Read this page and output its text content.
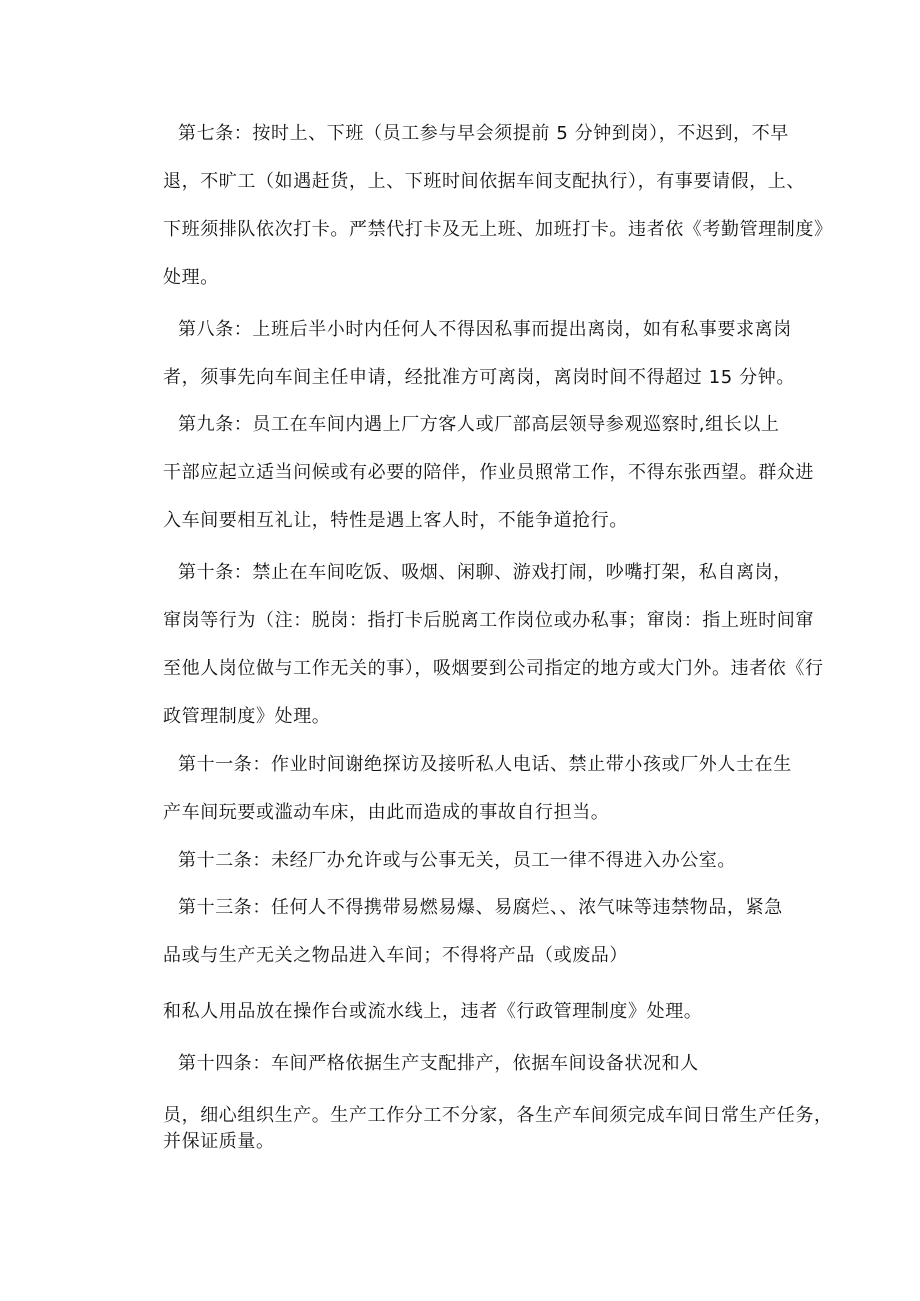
第七条：按时上、下班（员工参与早会须提前 5 分钟到岗），不迟到，不早
退，不旷工（如遇赶货，上、下班时间依据车间支配执行），有事要请假，上、
下班须排队依次打卡。严禁代打卡及无上班、加班打卡。违者依《考勤管理制度》
处理。
第八条：上班后半小时内任何人不得因私事而提出离岗，如有私事要求离岗
者，须事先向车间主任申请，经批准方可离岗，离岗时间不得超过 15 分钟。
第九条：员工在车间内遇上厂方客人或厂部高层领导参观巡察时,组长以上
干部应起立适当问候或有必要的陪伴，作业员照常工作，不得东张西望。群众进
入车间要相互礼让，特性是遇上客人时，不能争道抢行。
第十条：禁止在车间吃饭、吸烟、闲聊、游戏打闹，吵嘴打架，私自离岗，
窜岗等行为（注：脱岗：指打卡后脱离工作岗位或办私事；窜岗：指上班时间窜
至他人岗位做与工作无关的事），吸烟要到公司指定的地方或大门外。违者依《行
政管理制度》处理。
第十一条：作业时间谢绝探访及接听私人电话、禁止带小孩或厂外人士在生
产车间玩要或滥动车床，由此而造成的事故自行担当。
第十二条：未经厂办允许或与公事无关，员工一律不得进入办公室。
第十三条：任何人不得携带易燃易爆、易腐烂、、浓气味等违禁物品，紧急
品或与生产无关之物品进入车间；不得将产品（或废品）
和私人用品放在操作台或流水线上，违者《行政管理制度》处理。
第十四条：车间严格依据生产支配排产，依据车间设备状况和人
员，细心组织生产。生产工作分工不分家，各生产车间须完成车间日常生产任务，
并保证质量。
